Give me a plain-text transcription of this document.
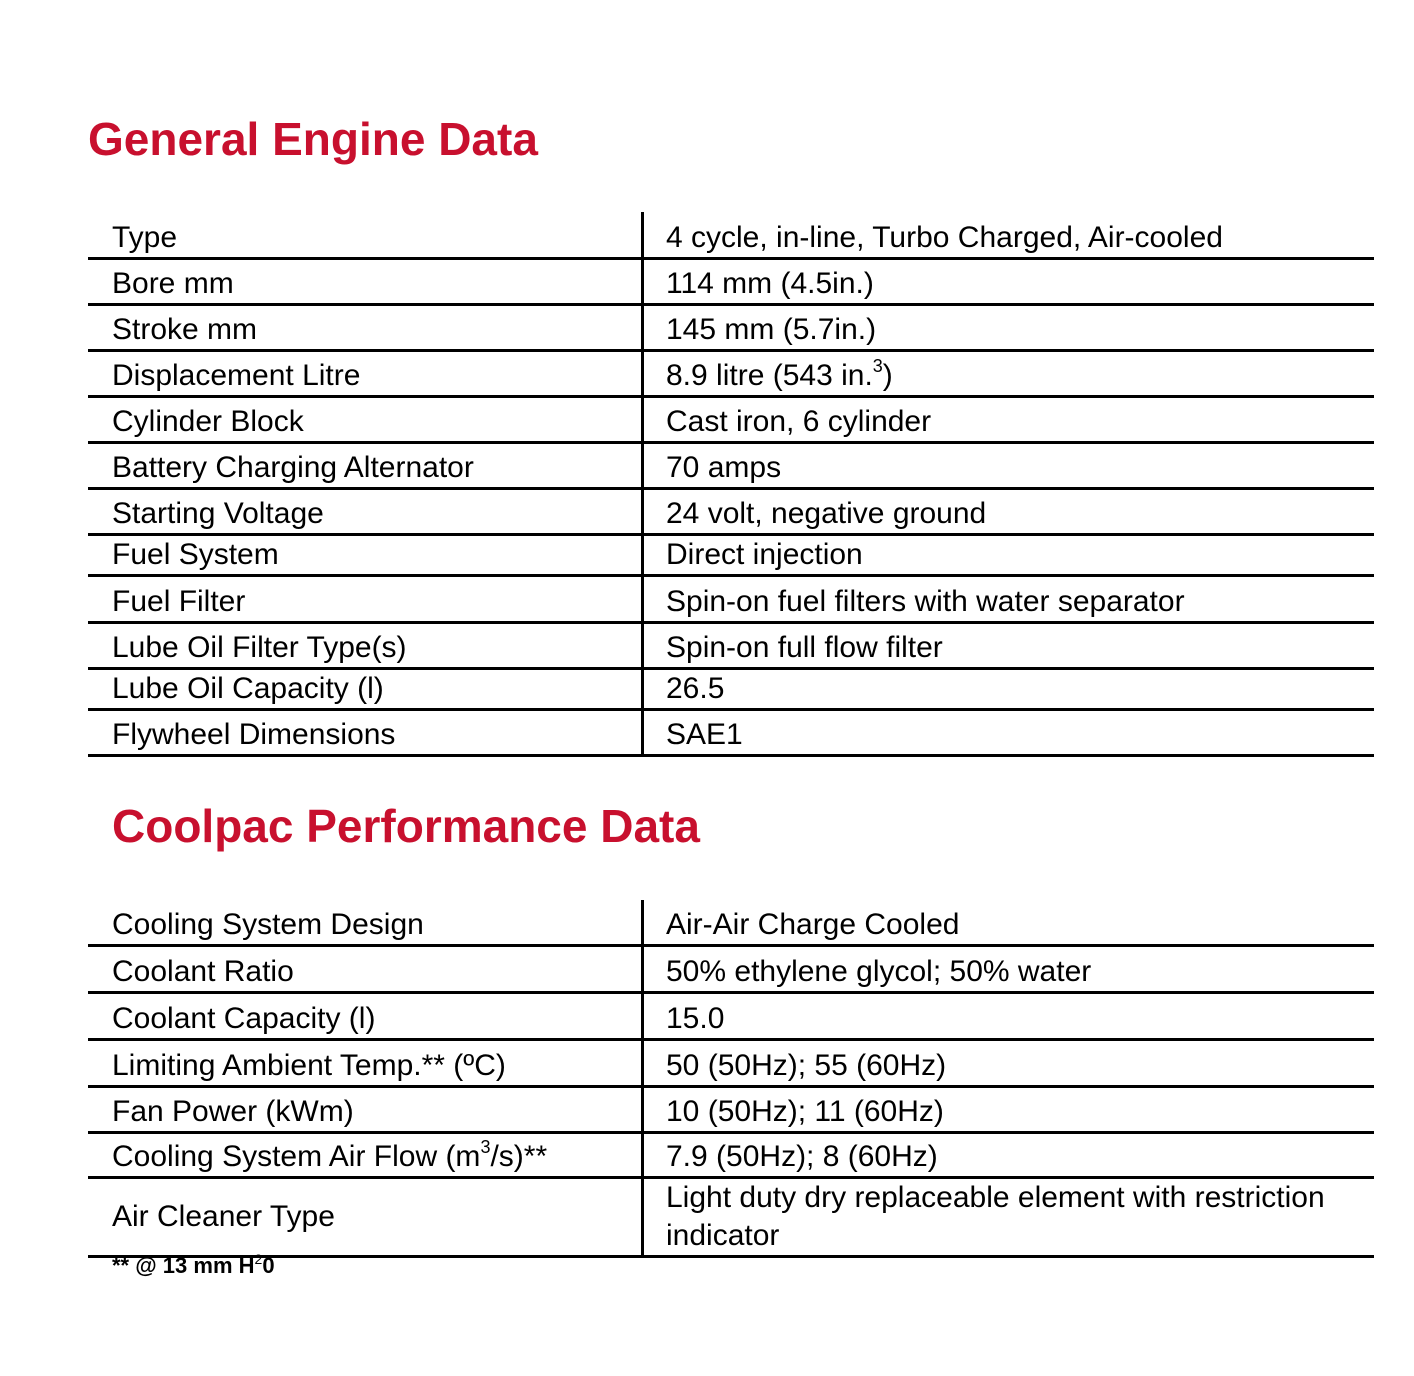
General Engine Data
Type	4 cycle, in-line, Turbo Charged, Air-cooled
Bore mm	114 mm (4.5in.)
Stroke mm	145 mm (5.7in.)
Displacement Litre	8.9 litre (543 in.$^3$)
Cylinder Block	Cast iron, 6 cylinder
Battery Charging Alternator	70 amps
Starting Voltage	24 volt, negative ground
Fuel System	Direct injection
Fuel Filter	Spin-on fuel filters with water separator
Lube Oil Filter Type(s)	Spin-on full flow filter
Lube Oil Capacity (l)	26.5
Flywheel Dimensions	SAE1
Coolpac Performance Data
Cooling System Design	Air-Air Charge Cooled
Coolant Ratio	50% ethylene glycol; 50% water
Coolant Capacity (l)	15.0
Limiting Ambient Temp.** (ºC)	50 (50Hz); 55 (60Hz)
Fan Power (kWm)	10 (50Hz); 11 (60Hz)
Cooling System Air Flow $(m^3/s)**$	7.9 (50Hz); 8 (60Hz)
Air Cleaner Type	Light duty dry replaceable element with restriction indicator
** @ 13 mm $H^20$
